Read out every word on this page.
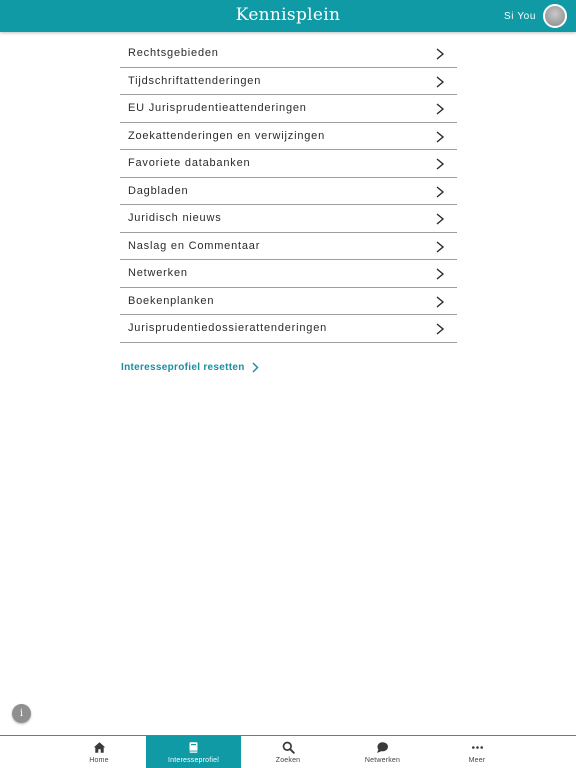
Kennisplein	Si You
Rechtsgebieden
Tijdschriftattenderingen
EU Jurisprudentieattenderingen
Zoekattenderingen en verwijzingen
Favoriete databanken
Dagbladen
Juridisch nieuws
Naslag en Commentaar
Netwerken
Boekenplanken
Jurisprudentiedossierattenderingen
Interesseprofiel resetten
i
Home	Interesseprofiel	Zoeken	Netwerken	Meer
